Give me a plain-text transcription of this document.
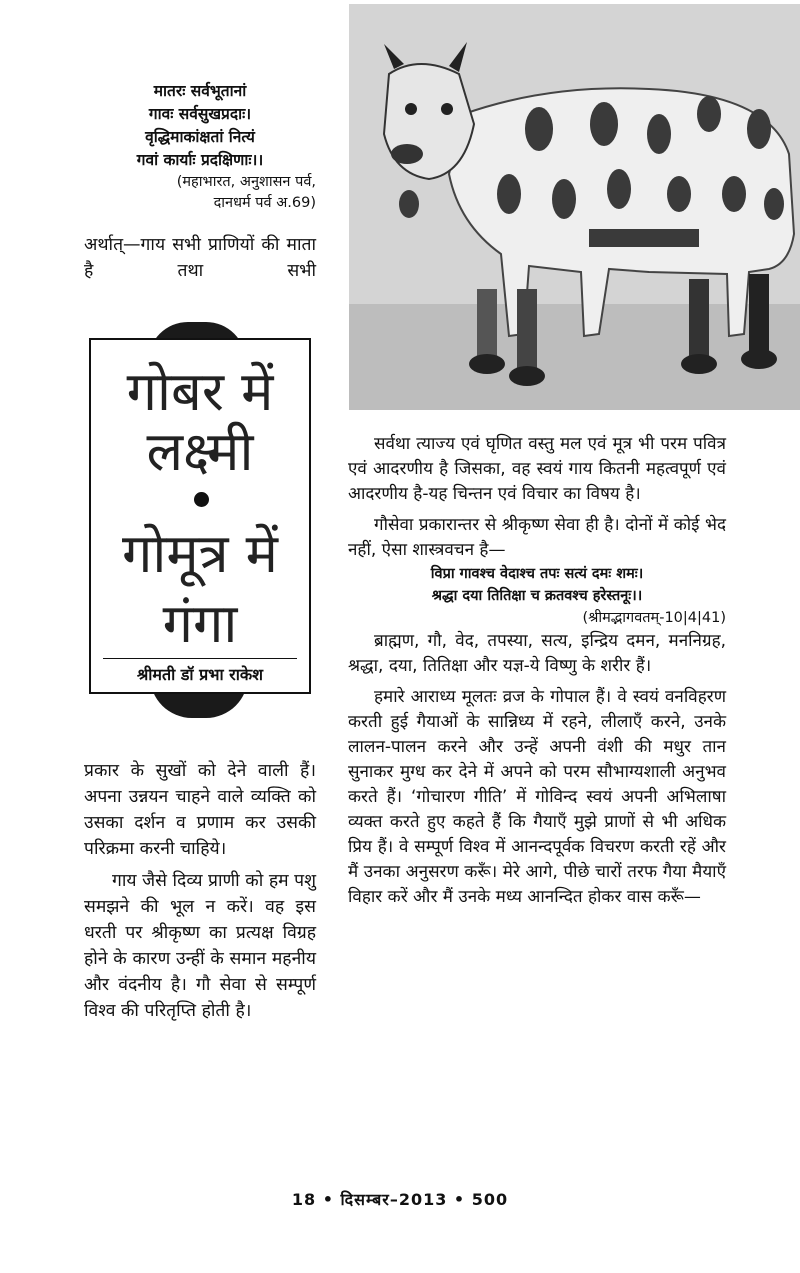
मातरः सर्वभूतानां
गावः सर्वसुखप्रदाः।
वृद्धिमाकांक्षतां नित्यं
गवां कार्याः प्रदक्षिणाः।।
(महाभारत, अनुशासन पर्व,
दानधर्म पर्व अ.69)
अर्थात्—गाय सभी प्राणियों की माता है तथा सभी
गोबर में
लक्ष्मी
गोमूत्र में
गंगा
श्रीमती डॉ प्रभा राकेश

प्रकार के सुखों को देने वाली हैं। अपना उन्नयन चाहने वाले व्यक्ति को उसका दर्शन व प्रणाम कर उसकी परिक्रमा करनी चाहिये।

गाय जैसे दिव्य प्राणी को हम पशु समझने की भूल न करें। वह इस धरती पर श्रीकृष्ण का प्रत्यक्ष विग्रह होने के कारण उन्हीं के समान महनीय और वंदनीय है। गौ सेवा से सम्पूर्ण विश्व की परितृप्ति होती है।

सर्वथा त्याज्य एवं घृणित वस्तु मल एवं मूत्र भी परम पवित्र एवं आदरणीय है जिसका, वह स्वयं गाय कितनी महत्वपूर्ण एवं आदरणीय है-यह चिन्तन एवं विचार का विषय है।

गौसेवा प्रकारान्तर से श्रीकृष्ण सेवा ही है। दोनों में कोई भेद नहीं, ऐसा शास्त्रवचन है—

विप्रा गावश्च वेदाश्च तपः सत्यं दमः शमः।
श्रद्धा दया तितिक्षा च क्रतवश्च हरेस्तनूः।।
(श्रीमद्भागवतम्-10|4|41)

ब्राह्मण, गौ, वेद, तपस्या, सत्य, इन्द्रिय दमन, मननिग्रह, श्रद्धा, दया, तितिक्षा और यज्ञ-ये विष्णु के शरीर हैं।

हमारे आराध्य मूलतः व्रज के गोपाल हैं। वे स्वयं वनविहरण करती हुई गैयाओं के सान्निध्य में रहने, लीलाएँ करने, उनके लालन-पालन करने और उन्हें अपनी वंशी की मधुर तान सुनाकर मुग्ध कर देने में अपने को परम सौभाग्यशाली अनुभव करते हैं। ‘गोचारण गीति’ में गोविन्द स्वयं अपनी अभिलाषा व्यक्त करते हुए कहते हैं कि गैयाएँ मुझे प्राणों से भी अधिक प्रिय हैं। वे सम्पूर्ण विश्व में आनन्दपूर्वक विचरण करती रहें और मैं उनका अनुसरण करूँ। मेरे आगे, पीछे चारों तरफ गैया मैयाएँ विहार करें और मैं उनके मध्य आनन्दित होकर वास करूँ—

18 • दिसम्बर–2013 • 500
